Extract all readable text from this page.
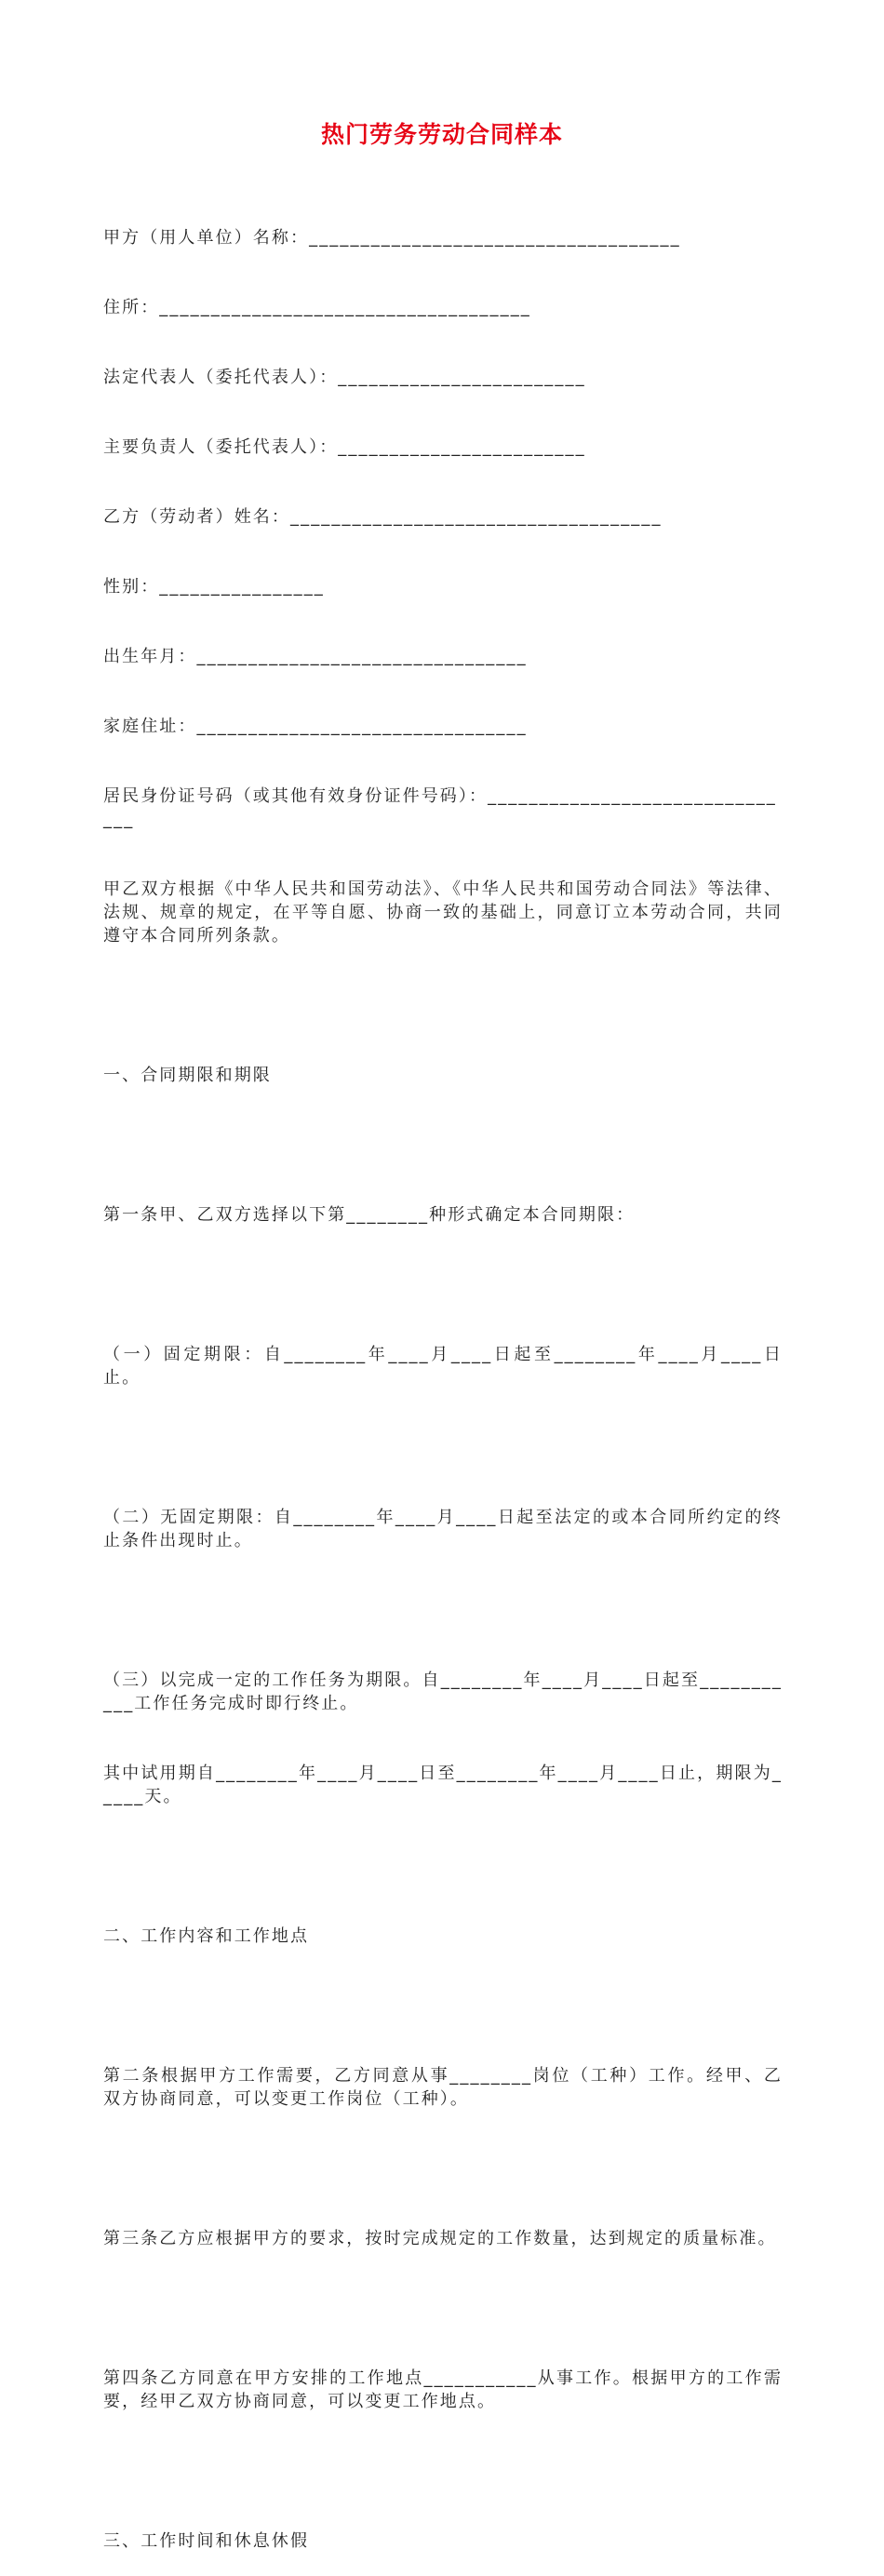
热门劳务劳动合同样本

甲方（用人单位）名称：____________________________________

住所：____________________________________

法定代表人（委托代表人）：________________________

主要负责人（委托代表人）：________________________

乙方（劳动者）姓名：____________________________________

性别：________________

出生年月：________________________________

家庭住址：________________________________

居民身份证号码（或其他有效身份证件号码）：_______________________________

甲乙双方根据《中华人民共和国劳动法》、《中华人民共和国劳动合同法》等法律、法规、规章的规定，在平等自愿、协商一致的基础上，同意订立本劳动合同，共同遵守本合同所列条款。

一、合同期限和期限

第一条甲、乙双方选择以下第________种形式确定本合同期限：

（一）固定期限：自________年____月____日起至________年____月____日止。

（二）无固定期限：自________年____月____日起至法定的或本合同所约定的终止条件出现时止。

（三）以完成一定的工作任务为期限。自________年____月____日起至___________工作任务完成时即行终止。

其中试用期自________年____月____日至________年____月____日止，期限为_____天。

二、工作内容和工作地点

第二条根据甲方工作需要，乙方同意从事________岗位（工种）工作。经甲、乙双方协商同意，可以变更工作岗位（工种）。

第三条乙方应根据甲方的要求，按时完成规定的工作数量，达到规定的质量标准。

第四条乙方同意在甲方安排的工作地点___________从事工作。根据甲方的工作需要，经甲乙双方协商同意，可以变更工作地点。

三、工作时间和休息休假
